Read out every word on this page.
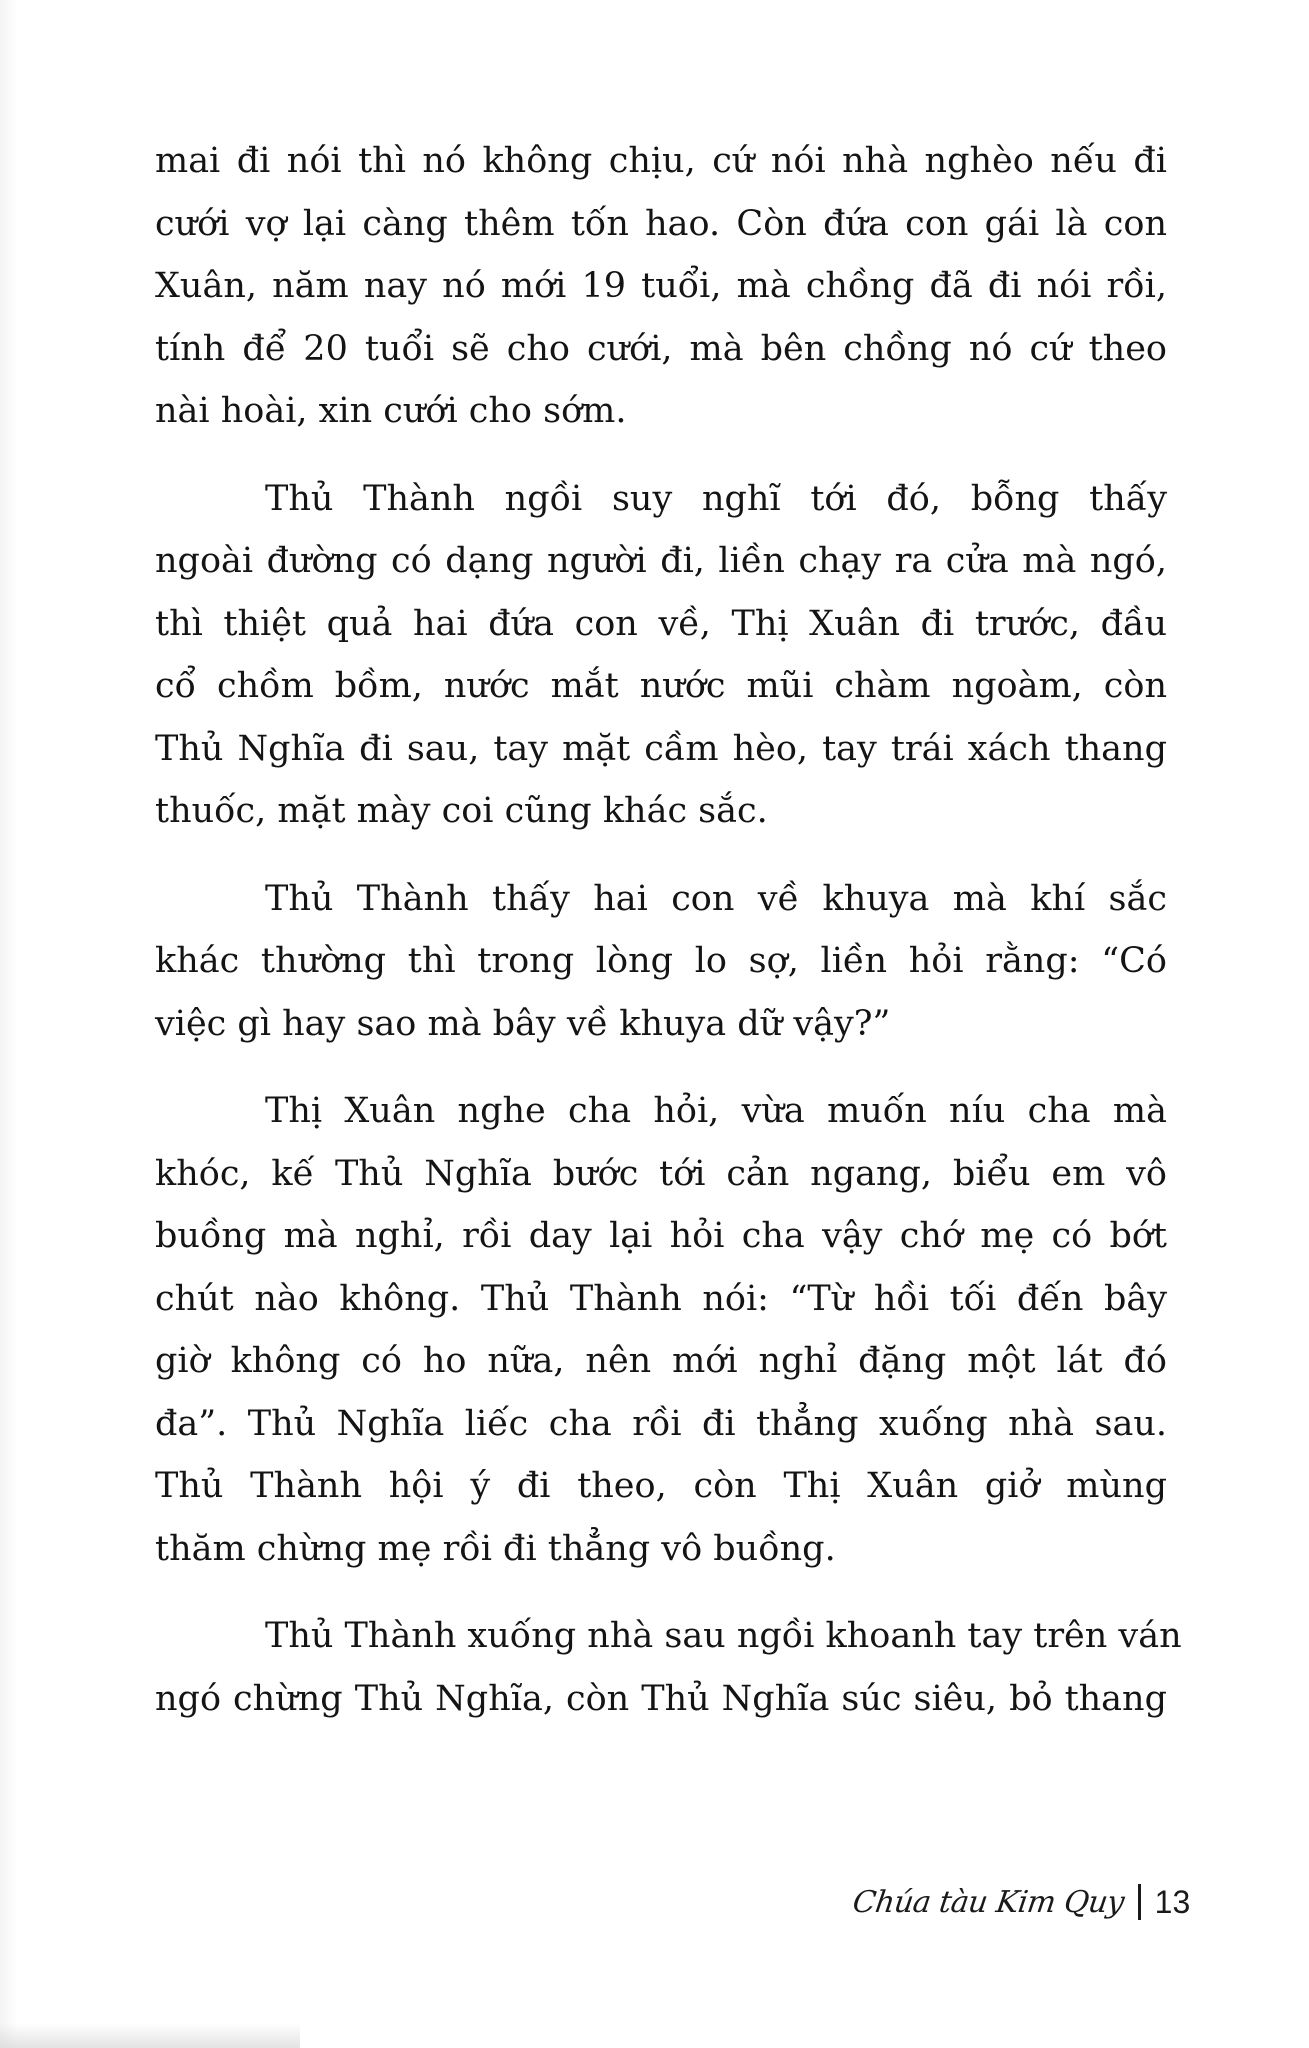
mai đi nói thì nó không chịu, cứ nói nhà nghèo nếu đi
cưới vợ lại càng thêm tốn hao. Còn đứa con gái là con
Xuân, năm nay nó mới 19 tuổi, mà chồng đã đi nói rồi,
tính để 20 tuổi sẽ cho cưới, mà bên chồng nó cứ theo
nài hoài, xin cưới cho sớm.
Thủ Thành ngồi suy nghĩ tới đó, bỗng thấy
ngoài đường có dạng người đi, liền chạy ra cửa mà ngó,
thì thiệt quả hai đứa con về, Thị Xuân đi trước, đầu
cổ chồm bồm, nước mắt nước mũi chàm ngoàm, còn
Thủ Nghĩa đi sau, tay mặt cầm hèo, tay trái xách thang
thuốc, mặt mày coi cũng khác sắc.
Thủ Thành thấy hai con về khuya mà khí sắc
khác thường thì trong lòng lo sợ, liền hỏi rằng: “Có
việc gì hay sao mà bây về khuya dữ vậy?”
Thị Xuân nghe cha hỏi, vừa muốn níu cha mà
khóc, kế Thủ Nghĩa bước tới cản ngang, biểu em vô
buồng mà nghỉ, rồi day lại hỏi cha vậy chớ mẹ có bớt
chút nào không. Thủ Thành nói: “Từ hồi tối đến bây
giờ không có ho nữa, nên mới nghỉ đặng một lát đó
đa”. Thủ Nghĩa liếc cha rồi đi thẳng xuống nhà sau.
Thủ Thành hội ý đi theo, còn Thị Xuân giở mùng
thăm chừng mẹ rồi đi thẳng vô buồng.
Thủ Thành xuống nhà sau ngồi khoanh tay trên ván
ngó chừng Thủ Nghĩa, còn Thủ Nghĩa súc siêu, bỏ thang
Chúa tàu Kim Quy 13
